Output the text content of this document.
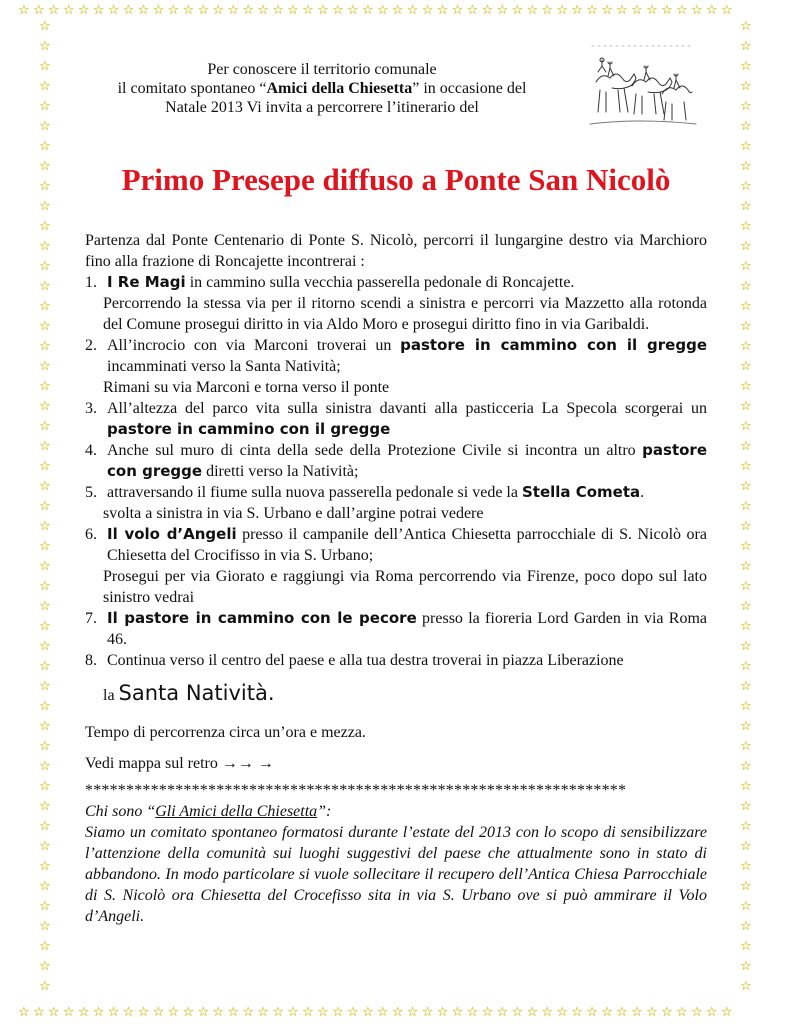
☆☆☆☆☆☆☆☆☆☆☆☆☆☆☆☆☆☆☆☆☆☆☆☆☆☆☆☆☆☆☆☆☆☆☆☆☆☆☆☆☆☆☆☆☆☆☆☆
☆☆☆☆☆☆☆☆☆☆☆☆☆☆☆☆☆☆☆☆☆☆☆☆☆☆☆☆☆☆☆☆☆☆☆☆☆☆☆☆☆☆☆☆☆☆☆☆
☆
☆
☆
☆
☆
☆
☆
☆
☆
☆
☆
☆
☆
☆
☆
☆
☆
☆
☆
☆
☆
☆
☆
☆
☆
☆
☆
☆
☆
☆
☆
☆
☆
☆
☆
☆
☆
☆
☆
☆
☆
☆
☆
☆
☆
☆
☆
☆
☆
☆
☆
☆
☆
☆
☆
☆
☆
☆
☆
☆
☆
☆
☆
☆
☆
☆
☆
☆
☆
☆
☆
☆
☆
☆
☆
☆
☆
☆
☆
☆
☆
☆
☆
☆
☆
☆
☆
☆
☆
☆
☆
☆
☆
☆
☆
☆
☆
☆
Per conoscere il territorio comunale
il comitato spontaneo “Amici della Chiesetta” in occasione del
Natale 2013 Vi invita a percorrere l’itinerario del
Primo Presepe diffuso a Ponte San Nicolò

Partenza dal Ponte Centenario di Ponte S. Nicolò, percorri il lungargine destro via Marchioro fino alla frazione di Roncajette incontrerai :

1. I Re Magi in cammino sulla vecchia passerella pedonale di Roncajette.
Percorrendo la stessa via per il ritorno scendi a sinistra e percorri via Mazzetto alla rotonda del Comune prosegui diritto in via Aldo Moro e prosegui diritto fino in via Garibaldi.
2. All’incrocio con via Marconi troverai un pastore in cammino con il gregge incamminati verso la Santa Natività;
Rimani su via Marconi e torna verso il ponte
3. All’altezza del parco vita sulla sinistra davanti alla pasticceria La Specola scorgerai un pastore in cammino con il gregge
4. Anche sul muro di cinta della sede della Protezione Civile si incontra un altro pastore con gregge diretti verso la Natività;
5. attraversando il fiume sulla nuova passerella pedonale si vede la Stella Cometa.
svolta a sinistra in via S. Urbano e dall’argine potrai vedere
6. Il volo d’Angeli presso il campanile dell’Antica Chiesetta parrocchiale di S. Nicolò ora Chiesetta del Crocifisso in via S. Urbano;
Prosegui per via Giorato e raggiungi via Roma percorrendo via Firenze, poco dopo sul lato sinistro vedrai
7. Il pastore in cammino con le pecore presso la fioreria Lord Garden in via Roma 46.
8. Continua verso il centro del paese e alla tua destra troverai in piazza Liberazione
la Santa Natività.

Tempo di percorrenza circa un’ora e mezza.

Vedi mappa sul retro →→ →

******************************************************************

Chi sono “Gli Amici della Chiesetta”:

Siamo un comitato spontaneo formatosi durante l’estate del 2013 con lo scopo di sensibilizzare l’attenzione della comunità sui luoghi suggestivi del paese che attualmente sono in stato di abbandono. In modo particolare si vuole sollecitare il recupero dell’Antica Chiesa Parrocchiale di S. Nicolò ora Chiesetta del Crocefisso sita in via S. Urbano ove si può ammirare il Volo d’Angeli.
